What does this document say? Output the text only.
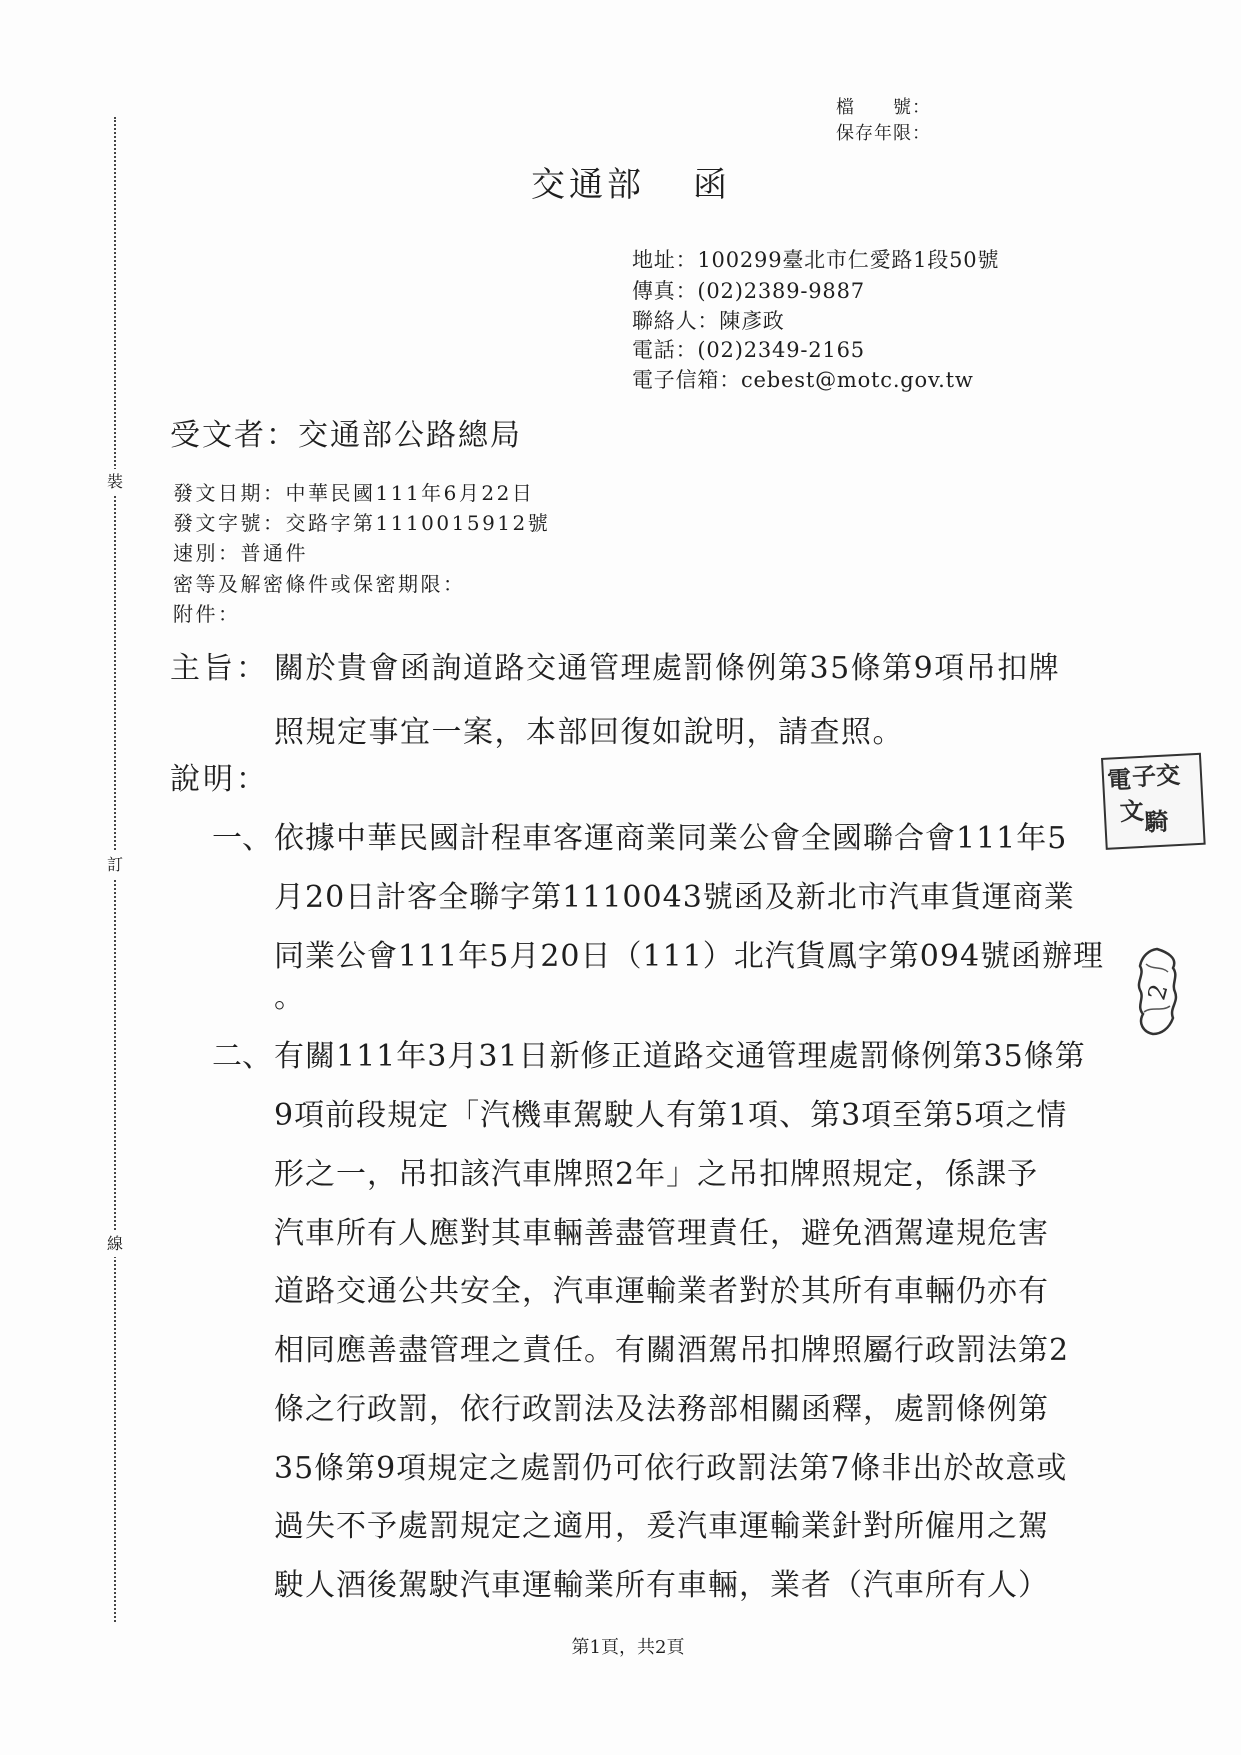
裝
訂
線
檔　　號：
保存年限：
交通部 函
地址：100299臺北市仁愛路1段50號
傳真：(02)2389-9887
聯絡人：陳彥政
電話：(02)2349-2165
電子信箱：cebest@motc.gov.tw
受文者：交通部公路總局
發文日期：中華民國111年6月22日
發文字號：交路字第1110015912號
速別：普通件
密等及解密條件或保密期限：
附件：
主旨： 關於貴會函詢道路交通管理處罰條例第35條第9項吊扣牌
照規定事宜一案，本部回復如說明，請查照。
說明：
一、依據中華民國計程車客運商業同業公會全國聯合會111年5
月20日計客全聯字第1110043號函及新北市汽車貨運商業
同業公會111年5月20日（111）北汽貨鳳字第094號函辦理
。
二、有關111年3月31日新修正道路交通管理處罰條例第35條第
9項前段規定「汽機車駕駛人有第1項、第3項至第5項之情
形之一，吊扣該汽車牌照2年」之吊扣牌照規定，係課予
汽車所有人應對其車輛善盡管理責任，避免酒駕違規危害
道路交通公共安全，汽車運輸業者對於其所有車輛仍亦有
相同應善盡管理之責任。有關酒駕吊扣牌照屬行政罰法第2
條之行政罰，依行政罰法及法務部相關函釋，處罰條例第
35條第9項規定之處罰仍可依行政罰法第7條非出於故意或
過失不予處罰規定之適用，爰汽車運輸業針對所僱用之駕
駛人酒後駕駛汽車運輸業所有車輛，業者（汽車所有人）
第1頁，共2頁
電 子
交
文 騎
2
